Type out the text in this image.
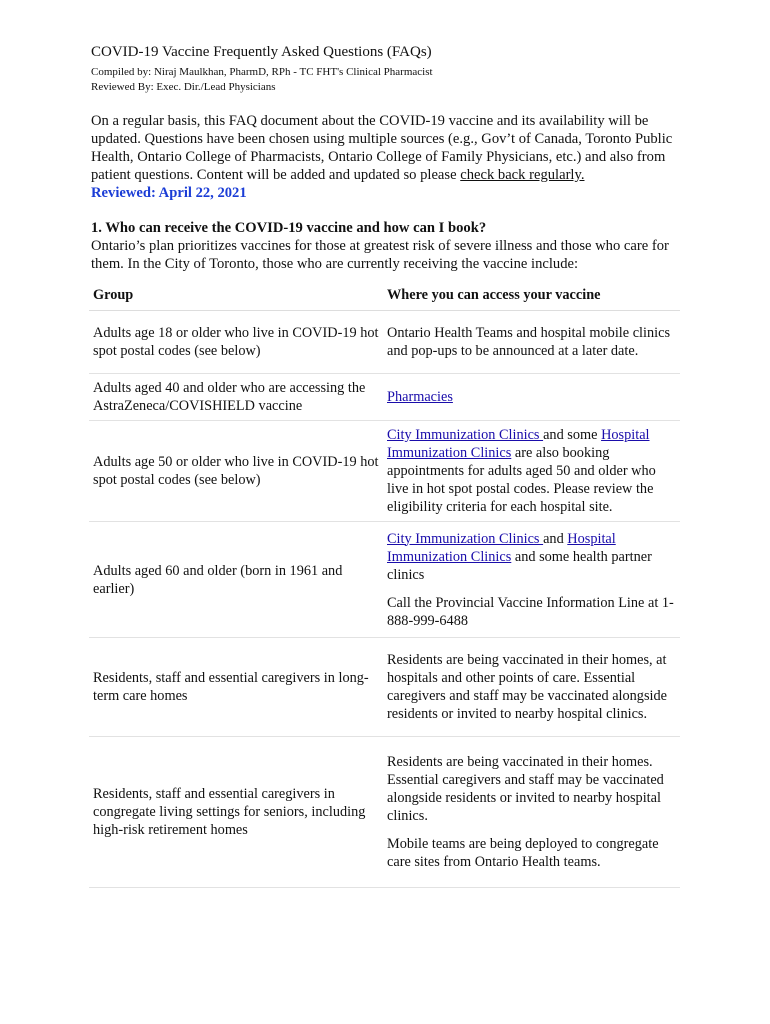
COVID-19 Vaccine Frequently Asked Questions (FAQs)
Compiled by: Niraj Maulkhan, PharmD, RPh - TC FHT's Clinical Pharmacist
Reviewed By: Exec. Dir./Lead Physicians

On a regular basis, this FAQ document about the COVID-19 vaccine and its availability will be updated. Questions have been chosen using multiple sources (e.g., Gov’t of Canada, Toronto Public Health, Ontario College of Pharmacists, Ontario College of Family Physicians, etc.) and also from patient questions. Content will be added and updated so please check back regularly.
Reviewed: April 22, 2021

1. Who can receive the COVID-19 vaccine and how can I book?

Ontario’s plan prioritizes vaccines for those at greatest risk of severe illness and those who care for them. In the City of Toronto, those who are currently receiving the vaccine include:

Group	Where you can access your vaccine
Adults age 18 or older who live in COVID-19 hot spot postal codes (see below)	Ontario Health Teams and hospital mobile clinics and pop-ups to be announced at a later date.
Adults aged 40 and older who are accessing the AstraZeneca/COVISHIELD vaccine	Pharmacies
Adults age 50 or older who live in COVID-19 hot spot postal codes (see below)	City Immunization Clinics and some Hospital Immunization Clinics are also booking appointments for adults aged 50 and older who live in hot spot postal codes. Please review the eligibility criteria for each hospital site.
Adults aged 60 and older (born in 1961 and earlier)	City Immunization Clinics and Hospital Immunization Clinics and some health partner clinics

Call the Provincial Vaccine Information Line at 1-888-999-6488

Residents, staff and essential caregivers in long-term care homes	Residents are being vaccinated in their homes, at hospitals and other points of care. Essential caregivers and staff may be vaccinated alongside residents or invited to nearby hospital clinics.
Residents, staff and essential caregivers in congregate living settings for seniors, including high-risk retirement homes	Residents are being vaccinated in their homes. Essential caregivers and staff may be vaccinated alongside residents or invited to nearby hospital clinics.

Mobile teams are being deployed to congregate care sites from Ontario Health teams.
